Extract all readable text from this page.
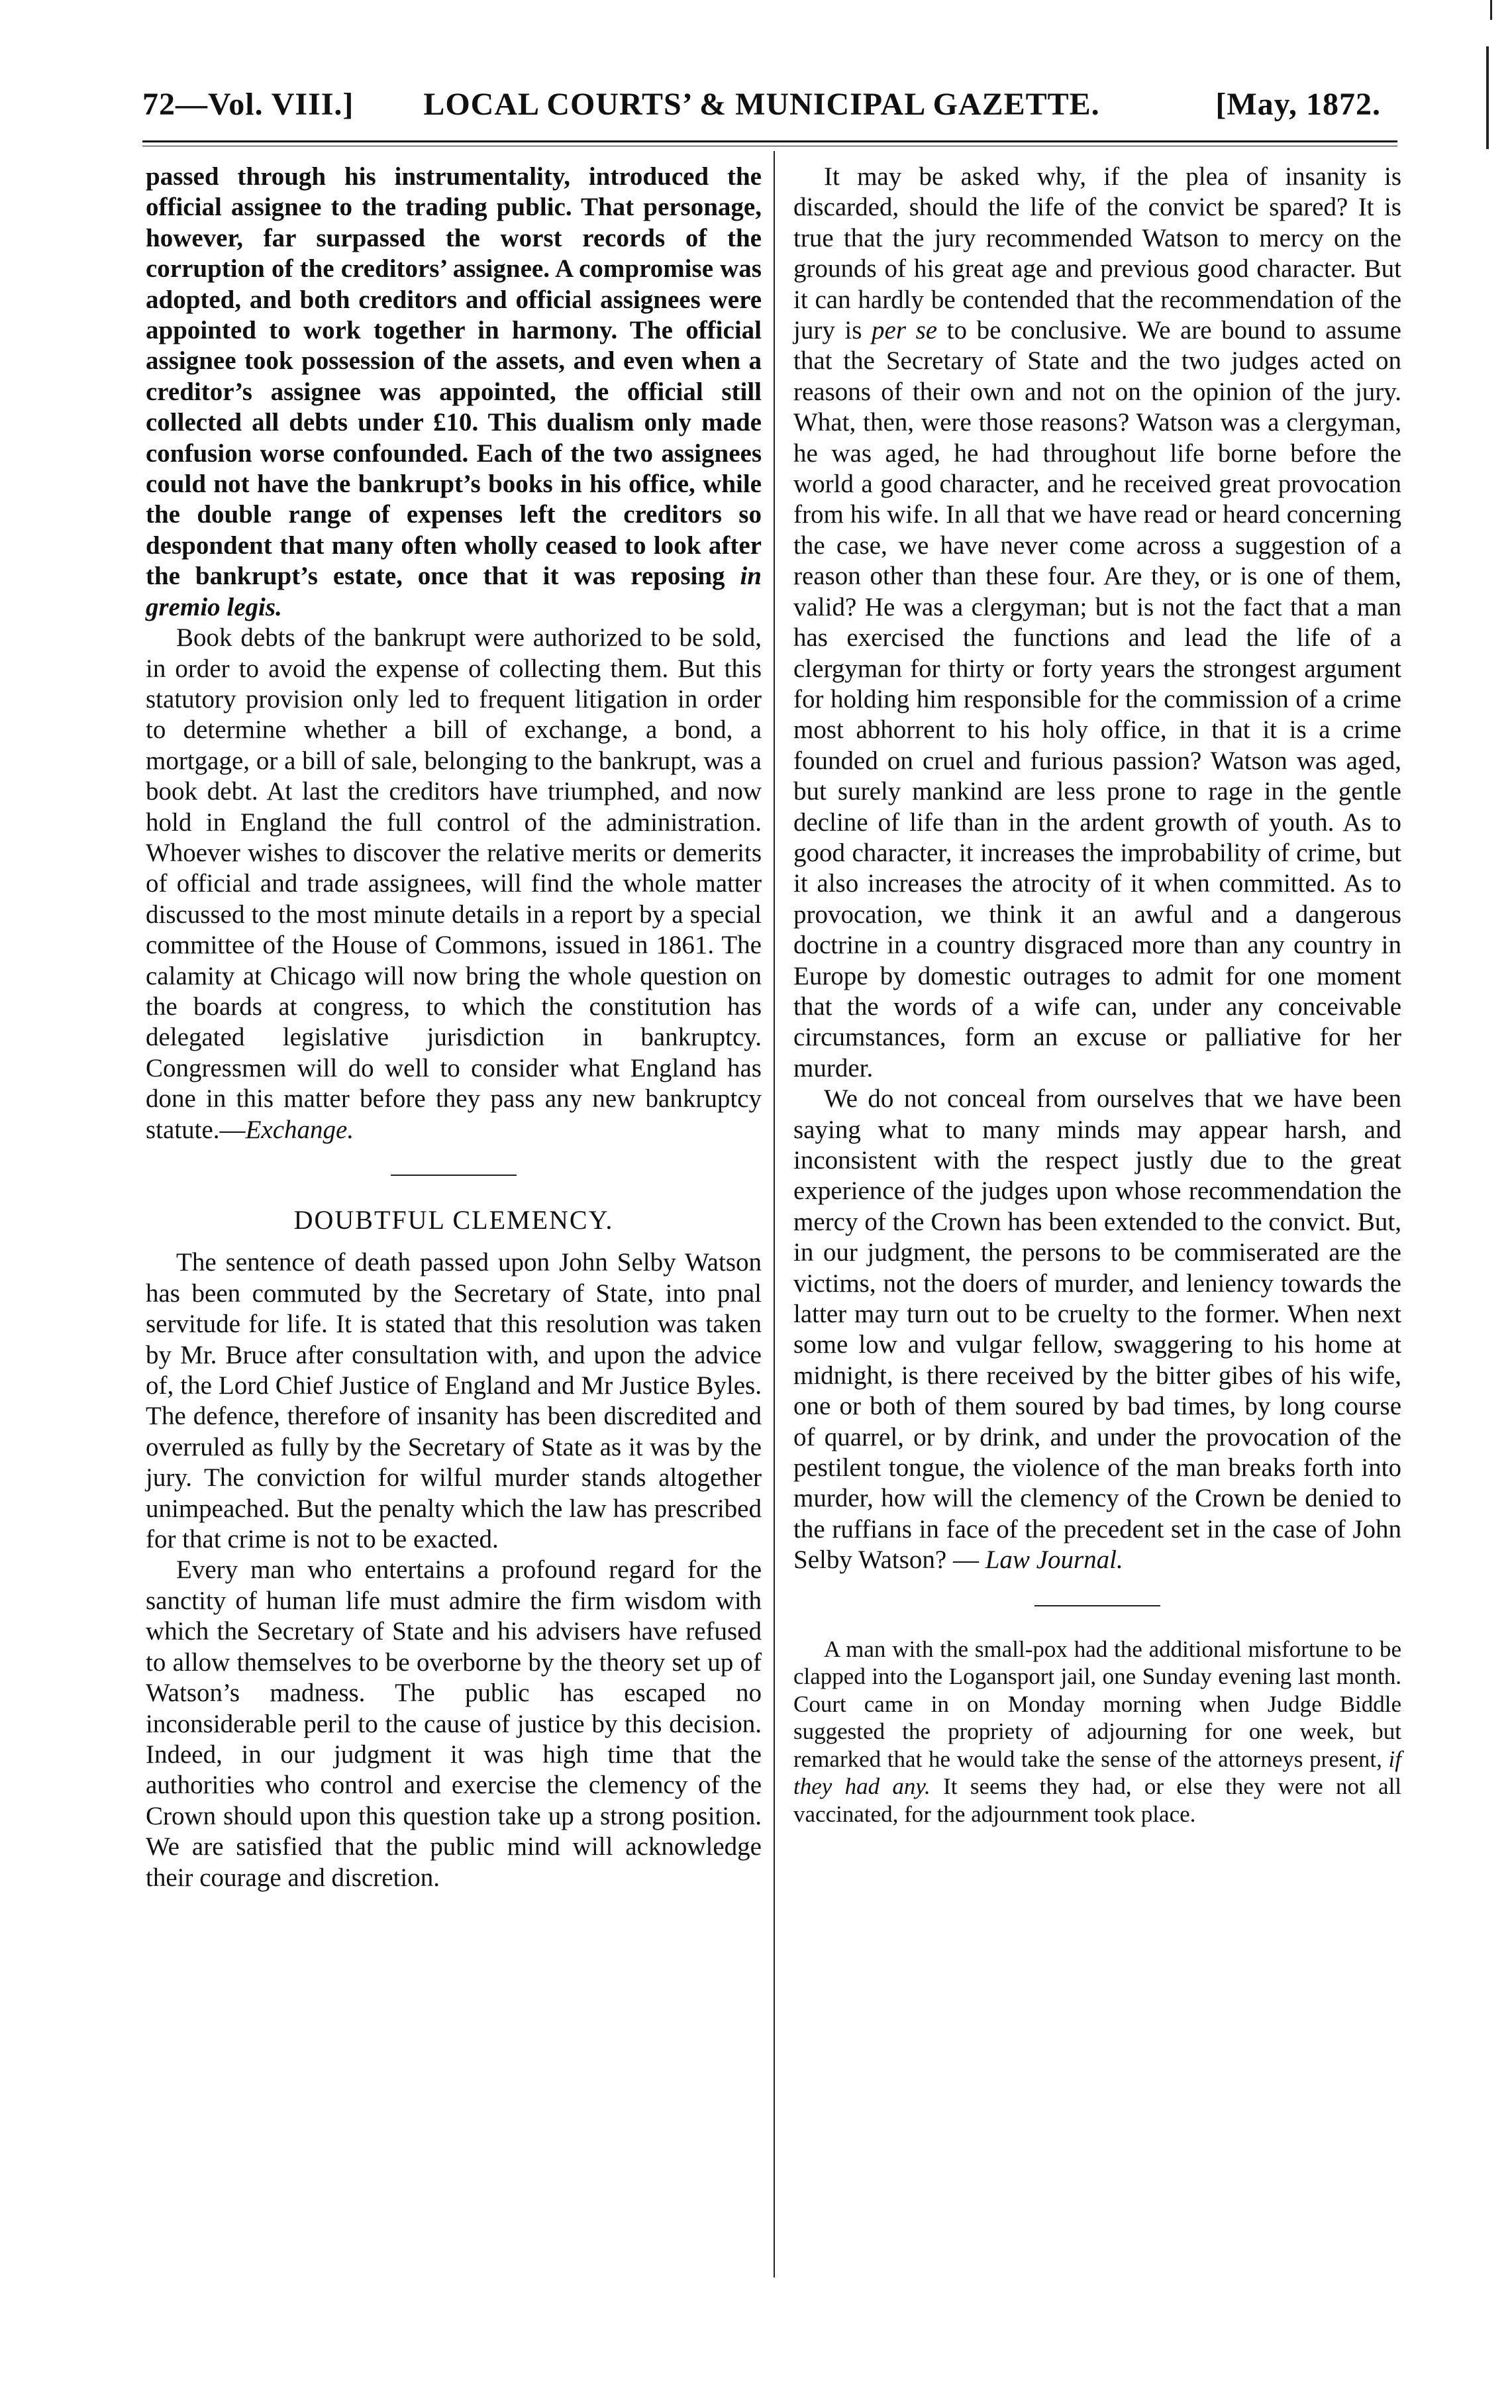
72—Vol. VIII.]	LOCAL COURTS’ & MUNICIPAL GAZETTE.	[May, 1872.

passed through his instrumentality, introduced the official assignee to the trading public. That personage, however, far surpassed the worst records of the corruption of the creditors’ assignee. A compromise was adopted, and both creditors and official assignees were appointed to work together in harmony. The official assignee took possession of the assets, and even when a creditor’s assignee was appointed, the official still collected all debts under £10. This dualism only made confusion worse confounded. Each of the two assignees could not have the bankrupt’s books in his office, while the double range of expenses left the creditors so despondent that many often wholly ceased to look after the bankrupt’s estate, once that it was reposing in gremio legis.

Book debts of the bankrupt were authorized to be sold, in order to avoid the expense of collecting them. But this statutory provision only led to frequent litigation in order to determine whether a bill of exchange, a bond, a mortgage, or a bill of sale, belonging to the bankrupt, was a book debt. At last the creditors have triumphed, and now hold in England the full control of the administration. Whoever wishes to discover the relative merits or demerits of official and trade assignees, will find the whole matter discussed to the most minute details in a report by a special committee of the House of Commons, issued in 1861. The calamity at Chicago will now bring the whole question on the boards at congress, to which the constitution has delegated legislative jurisdiction in bankruptcy. Congressmen will do well to consider what England has done in this matter before they pass any new bankruptcy statute.—Exchange.

DOUBTFUL CLEMENCY.

The sentence of death passed upon John Selby Watson has been commuted by the Secretary of State, into pnal servitude for life. It is stated that this resolution was taken by Mr. Bruce after consultation with, and upon the advice of, the Lord Chief Justice of England and Mr Justice Byles. The defence, therefore of insanity has been discredited and overruled as fully by the Secretary of State as it was by the jury. The conviction for wilful murder stands altogether unimpeached. But the penalty which the law has prescribed for that crime is not to be exacted.

Every man who entertains a profound regard for the sanctity of human life must admire the firm wisdom with which the Secretary of State and his advisers have refused to allow themselves to be overborne by the theory set up of Watson’s madness. The public has escaped no inconsiderable peril to the cause of justice by this decision. Indeed, in our judgment it was high time that the authorities who control and exercise the clemency of the Crown should upon this question take up a strong position. We are satisfied that the public mind will acknowledge their courage and discretion.

It may be asked why, if the plea of insanity is discarded, should the life of the convict be spared? It is true that the jury recommended Watson to mercy on the grounds of his great age and previous good character. But it can hardly be contended that the recommendation of the jury is per se to be conclusive. We are bound to assume that the Secretary of State and the two judges acted on reasons of their own and not on the opinion of the jury. What, then, were those reasons? Watson was a clergyman, he was aged, he had throughout life borne before the world a good character, and he received great provocation from his wife. In all that we have read or heard concerning the case, we have never come across a suggestion of a reason other than these four. Are they, or is one of them, valid? He was a clergyman; but is not the fact that a man has exercised the functions and lead the life of a clergyman for thirty or forty years the strongest argument for holding him responsible for the commission of a crime most abhorrent to his holy office, in that it is a crime founded on cruel and furious passion? Watson was aged, but surely mankind are less prone to rage in the gentle decline of life than in the ardent growth of youth. As to good character, it increases the improbability of crime, but it also increases the atrocity of it when committed. As to provocation, we think it an awful and a dangerous doctrine in a country disgraced more than any country in Europe by domestic outrages to admit for one moment that the words of a wife can, under any conceivable circumstances, form an excuse or palliative for her murder.

We do not conceal from ourselves that we have been saying what to many minds may appear harsh, and inconsistent with the respect justly due to the great experience of the judges upon whose recommendation the mercy of the Crown has been extended to the convict. But, in our judgment, the persons to be commiserated are the victims, not the doers of murder, and leniency towards the latter may turn out to be cruelty to the former. When next some low and vulgar fellow, swaggering to his home at midnight, is there received by the bitter gibes of his wife, one or both of them soured by bad times, by long course of quarrel, or by drink, and under the provocation of the pestilent tongue, the violence of the man breaks forth into murder, how will the clemency of the Crown be denied to the ruffians in face of the precedent set in the case of John Selby Watson? — Law Journal.

A man with the small-pox had the additional misfortune to be clapped into the Logansport jail, one Sunday evening last month. Court came in on Monday morning when Judge Biddle suggested the propriety of adjourning for one week, but remarked that he would take the sense of the attorneys present, if they had any. It seems they had, or else they were not all vaccinated, for the adjournment took place.
